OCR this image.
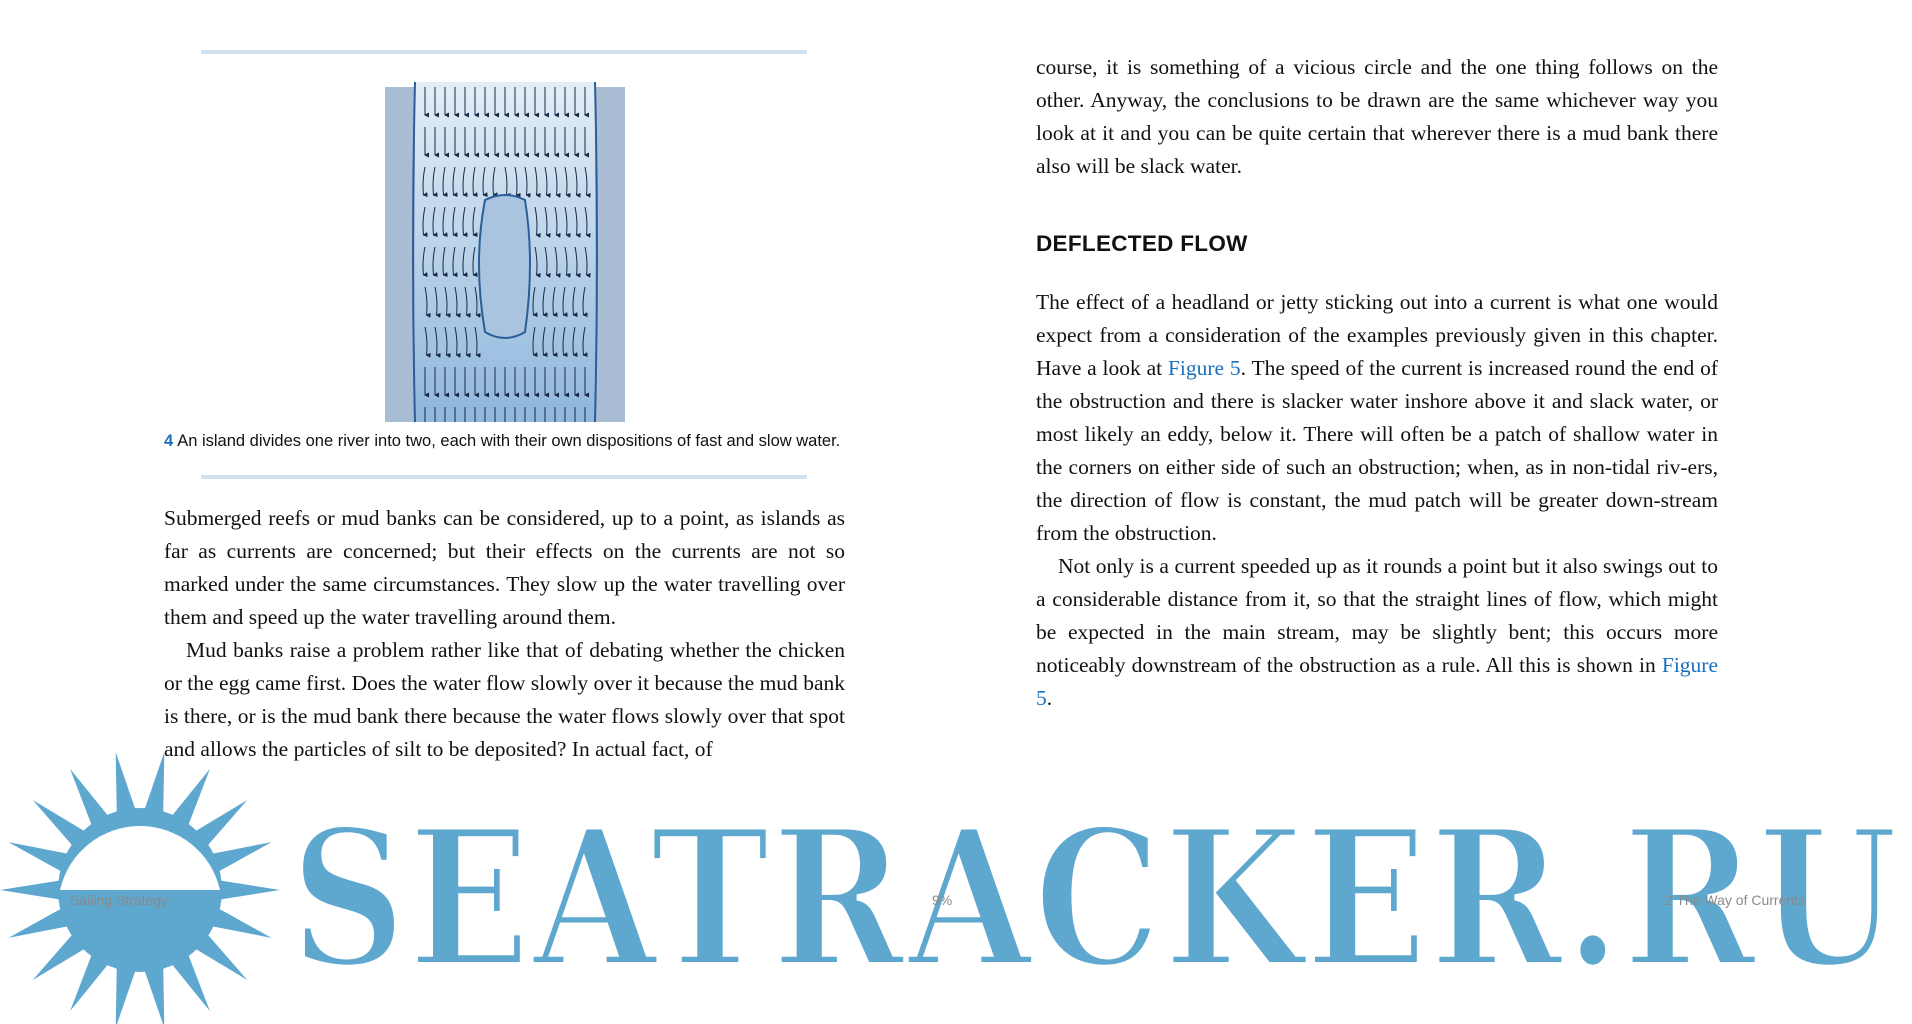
4 An island divides one river into two, each with their own dispositions of fast and slow water.

Submerged reefs or mud banks can be considered, up to a point, as islands as far as currents are concerned; but their effects on the currents are not so marked under the same circumstances. They slow up the water travelling over them and speed up the water travelling around them.

Mud banks raise a problem rather like that of debating whether the chicken or the egg came first. Does the water flow slowly over it because the mud bank is there, or is the mud bank there because the water flows slowly over that spot and allows the particles of silt to be deposited? In actual fact, of

course, it is something of a vicious circle and the one thing follows on the other. Anyway, the conclusions to be drawn are the same whichever way you look at it and you can be quite certain that wherever there is a mud bank there also will be slack water.

DEFLECTED FLOW

The effect of a headland or jetty sticking out into a current is what one would expect from a consideration of the examples previously given in this chapter. Have a look at Figure 5. The speed of the current is increased round the end of the obstruction and there is slacker water inshore above it and slack water, or most likely an eddy, below it. There will often be a patch of shallow water in the corners on either side of such an obstruction; when, as in non-tidal riv-ers, the direction of flow is constant, the mud patch will be greater down-stream from the obstruction.

Not only is a current speeded up as it rounds a point but it also swings out to a considerable distance from it, so that the straight lines of flow, which might be expected in the main stream, may be slightly bent; this occurs more noticeably downstream of the obstruction as a rule. All this is shown in Figure 5.

SEATRACKER.RU
Sailing Strategy	9%	2 The Way of Currents
